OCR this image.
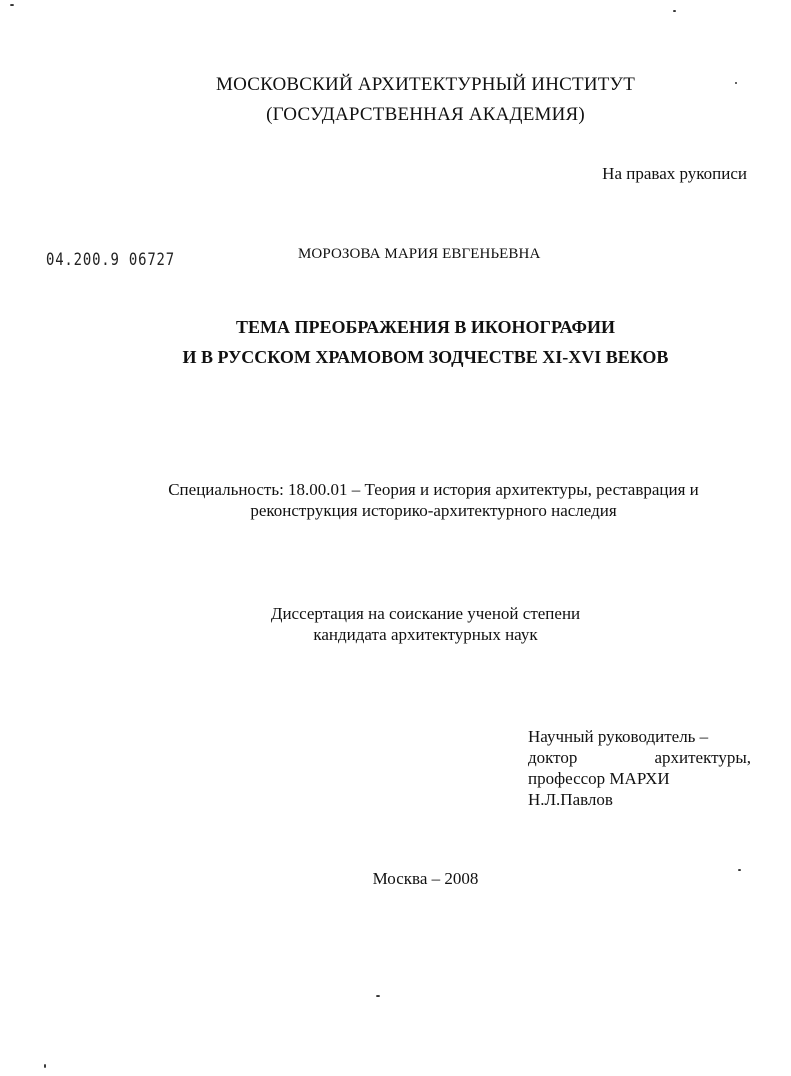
МОСКОВСКИЙ АРХИТЕКТУРНЫЙ ИНСТИТУТ
(ГОСУДАРСТВЕННАЯ АКАДЕМИЯ)
На правах рукописи
04.200.9 06727	МОРОЗОВА МАРИЯ ЕВГЕНЬЕВНА
ТЕМА ПРЕОБРАЖЕНИЯ В ИКОНОГРАФИИ
И В РУССКОМ ХРАМОВОМ ЗОДЧЕСТВЕ XI-XVI ВЕКОВ
Специальность: 18.00.01 – Теория и история архитектуры, реставрация и
реконструкция историко-архитектурного наследия
Диссертация на соискание ученой степени
кандидата архитектурных наук
Научный руководитель –
доктор	архитектуры,
профессор МАРХИ
Н.Л.Павлов
Москва – 2008
